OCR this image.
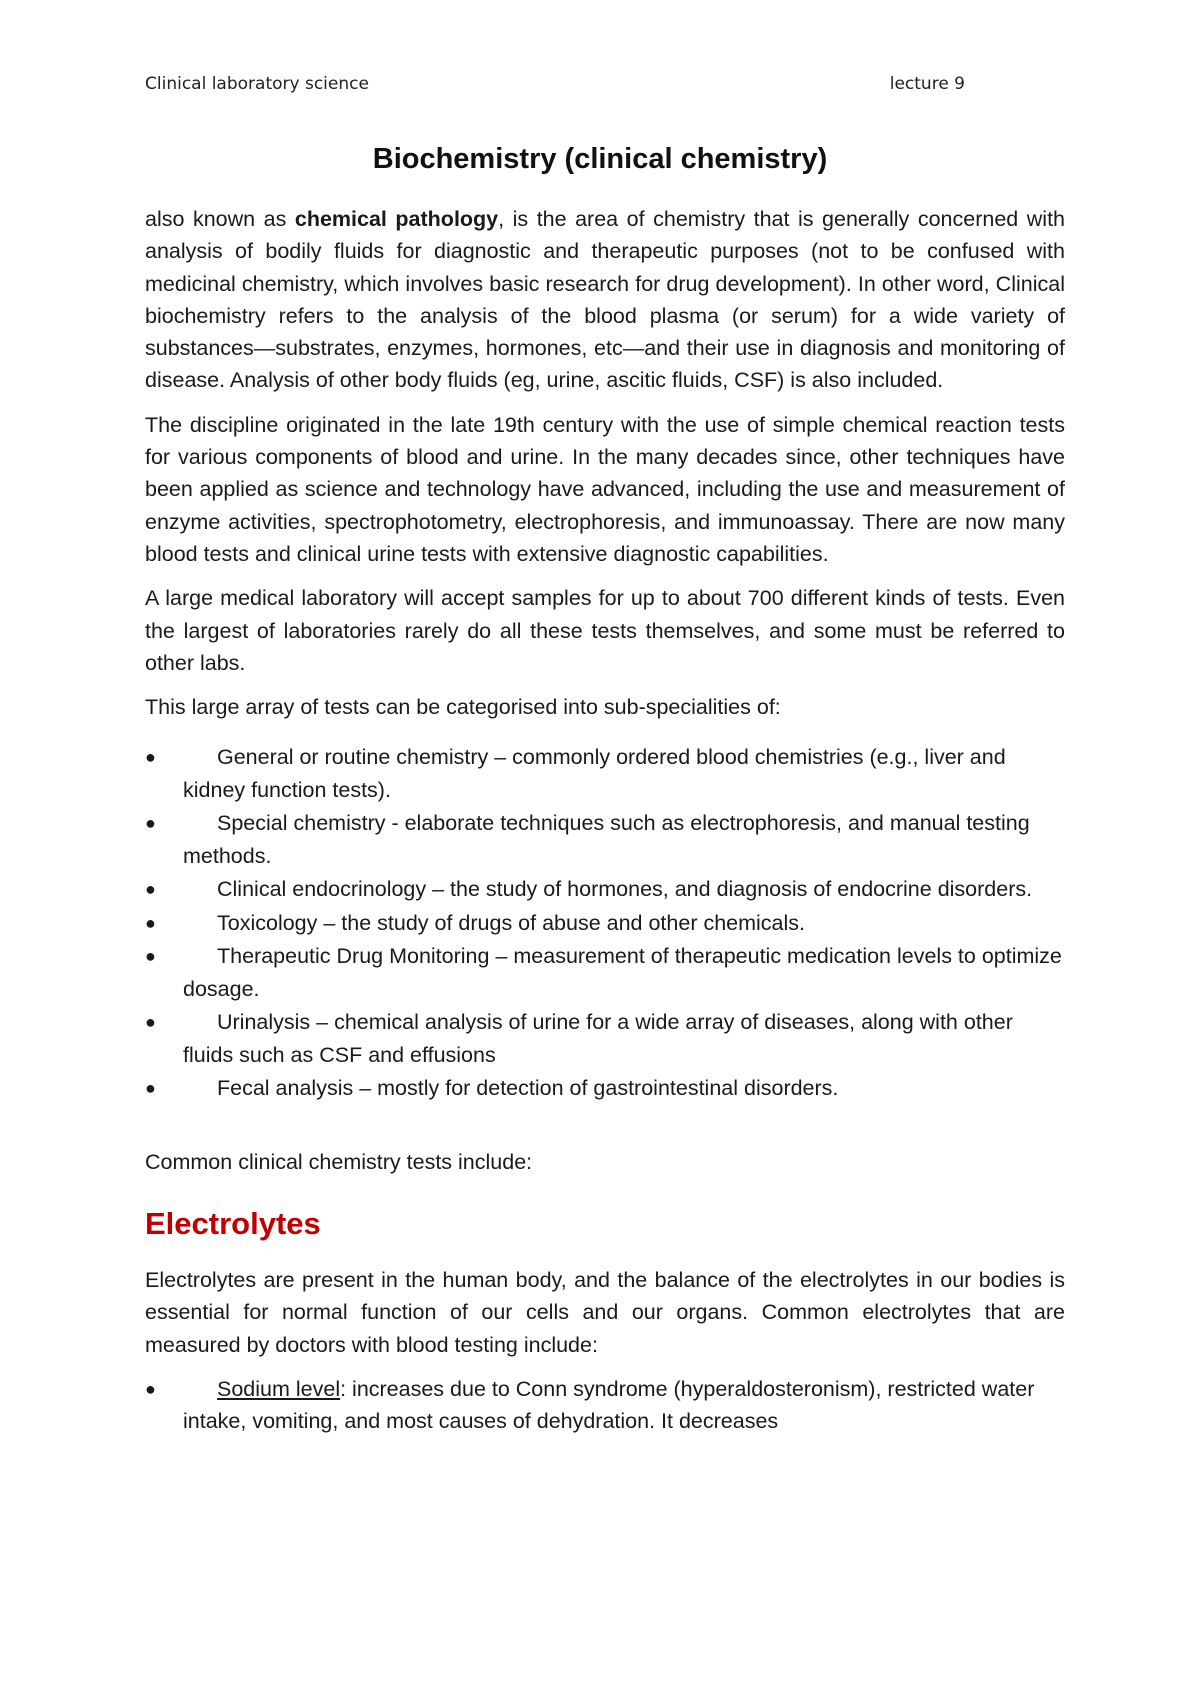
Clinical laboratory science	lecture 9
Biochemistry (clinical chemistry)

also known as chemical pathology, is the area of chemistry that is generally concerned with analysis of bodily fluids for diagnostic and therapeutic purposes (not to be confused with medicinal chemistry, which involves basic research for drug development). In other word, Clinical biochemistry refers to the analysis of the blood plasma (or serum) for a wide variety of substances—substrates, enzymes, hormones, etc—and their use in diagnosis and monitoring of disease. Analysis of other body fluids (eg, urine, ascitic fluids, CSF) is also included.

The discipline originated in the late 19th century with the use of simple chemical reaction tests for various components of blood and urine. In the many decades since, other techniques have been applied as science and technology have advanced, including the use and measurement of enzyme activities, spectrophotometry, electrophoresis, and immunoassay. There are now many blood tests and clinical urine tests with extensive diagnostic capabilities.

A large medical laboratory will accept samples for up to about 700 different kinds of tests. Even the largest of laboratories rarely do all these tests themselves, and some must be referred to other labs.

This large array of tests can be categorised into sub-specialities of:

●	General or routine chemistry – commonly ordered blood chemistries (e.g., liver and kidney function tests).
●	Special chemistry - elaborate techniques such as electrophoresis, and manual testing methods.
●	Clinical endocrinology – the study of hormones, and diagnosis of endocrine disorders.
●	Toxicology – the study of drugs of abuse and other chemicals.
●	Therapeutic Drug Monitoring – measurement of therapeutic medication levels to optimize dosage.
●	Urinalysis – chemical analysis of urine for a wide array of diseases, along with other fluids such as CSF and effusions
●	Fecal analysis – mostly for detection of gastrointestinal disorders.

Common clinical chemistry tests include:

Electrolytes

Electrolytes are present in the human body, and the balance of the electrolytes in our bodies is essential for normal function of our cells and our organs. Common electrolytes that are measured by doctors with blood testing include:

●	Sodium level: increases due to Conn syndrome (hyperaldosteronism), restricted water intake, vomiting, and most causes of dehydration. It decreases
